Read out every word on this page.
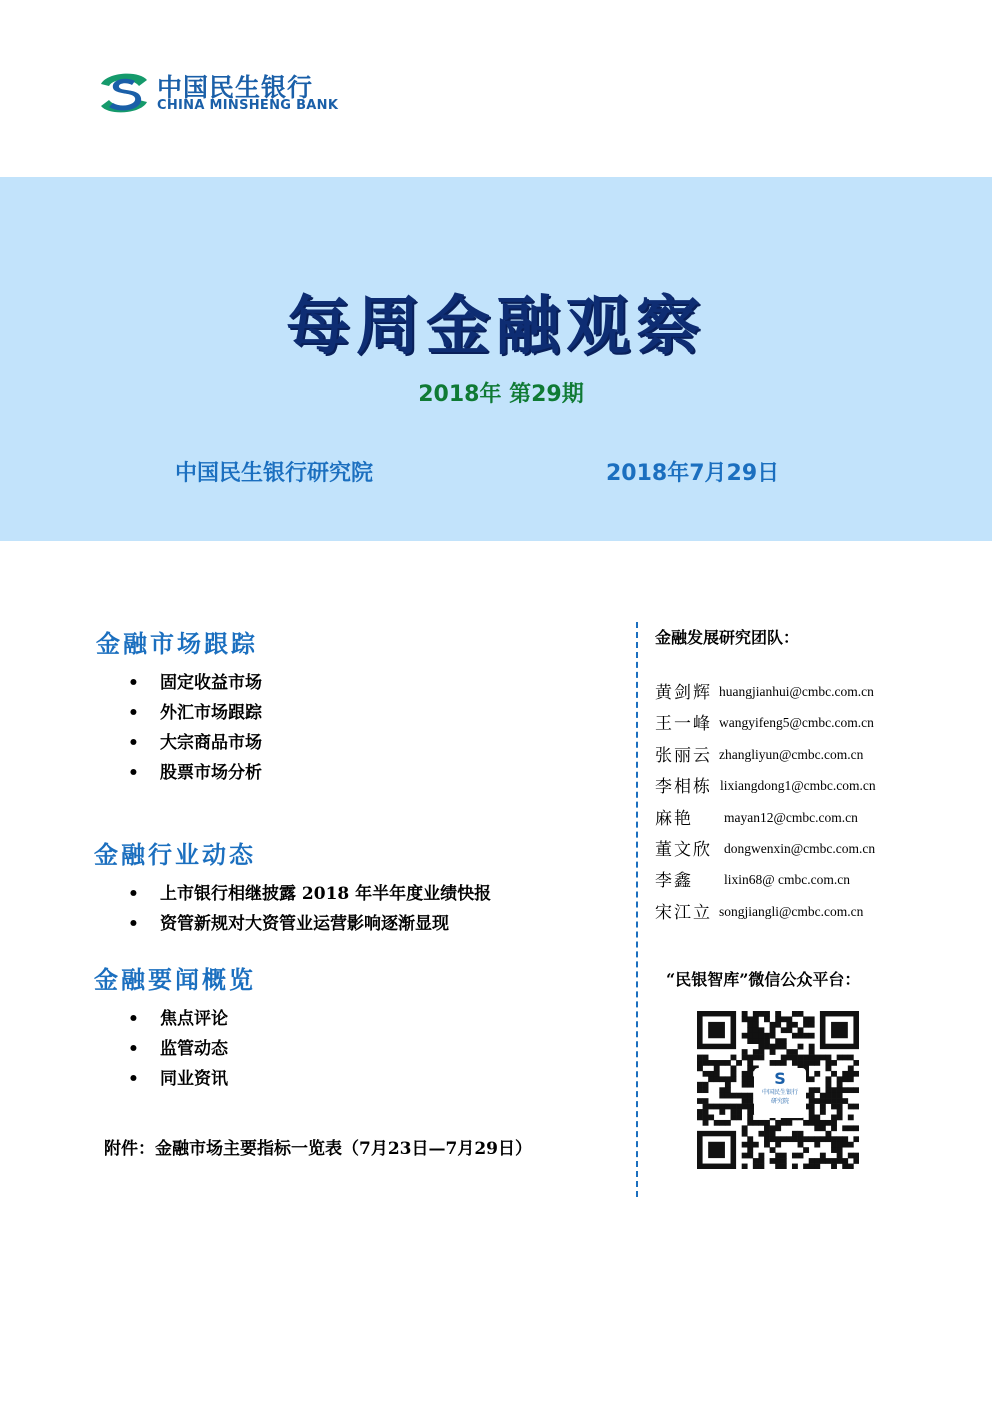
中国民生银行
CHINA MINSHENG BANK
每周金融观察
2018年 第29期
中国民生银行研究院	2018年7月29日
金融市场跟踪
• 固定收益市场
• 外汇市场跟踪
• 大宗商品市场
• 股票市场分析
金融行业动态
• 上市银行相继披露 2018 年半年度业绩快报
• 资管新规对大资管业运营影响逐渐显现
金融要闻概览
• 焦点评论
• 监管动态
• 同业资讯
附件：金融市场主要指标一览表（7月23日—7月29日）
金融发展研究团队：
黄剑辉 huangjianhui@cmbc.com.cn
王一峰 wangyifeng5@cmbc.com.cn
张丽云 zhangliyun@cmbc.com.cn
李相栋 lixiangdong1@cmbc.com.cn
麻艳 mayan12@cmbc.com.cn
董文欣 dongwenxin@cmbc.com.cn
李鑫 lixin68@ cmbc.com.cn
宋江立 songjiangli@cmbc.com.cn
“民银智库”微信公众平台：
S
中国民生银行
研究院
